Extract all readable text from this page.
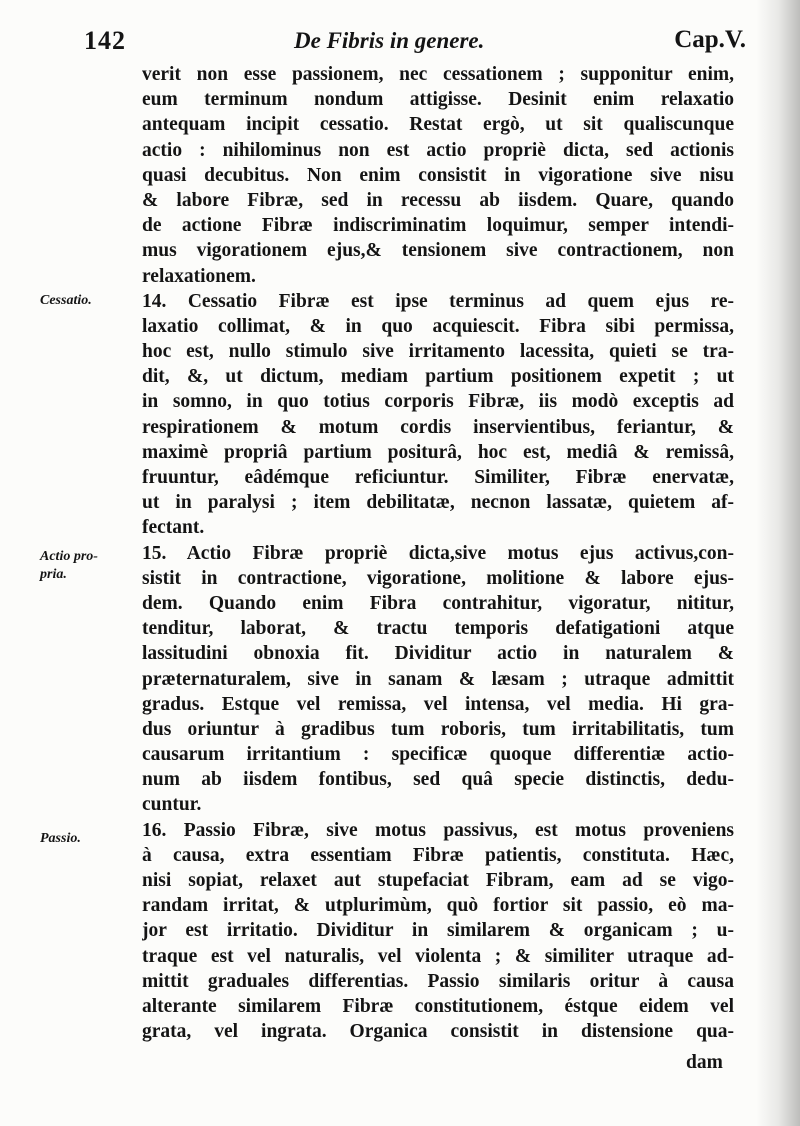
142	De Fibris in genere.	Cap.V.
Cessatio.
Actio pro-
pria.
Passio.
verit non esse passionem, nec cessationem ; supponitur enim,
eum terminum nondum attigisse. Desinit enim relaxatio
antequam incipit cessatio. Restat ergò, ut sit qualiscunque
actio : nihilominus non est actio propriè dicta, sed actionis
quasi decubitus. Non enim consistit in vigoratione sive nisu
& labore Fibræ, sed in recessu ab iisdem. Quare, quando
de actione Fibræ indiscriminatim loquimur, semper intendi-
mus vigorationem ejus,& tensionem sive contractionem, non
relaxationem.
14. Cessatio Fibræ est ipse terminus ad quem ejus re-
laxatio collimat, & in quo acquiescit. Fibra sibi permissa,
hoc est, nullo stimulo sive irritamento lacessita, quieti se tra-
dit, &, ut dictum, mediam partium positionem expetit ; ut
in somno, in quo totius corporis Fibræ, iis modò exceptis ad
respirationem & motum cordis inservientibus, feriantur, &
maximè propriâ partium positurâ, hoc est, mediâ & remissâ,
fruuntur, eâdémque reficiuntur. Similiter, Fibræ enervatæ,
ut in paralysi ; item debilitatæ, necnon lassatæ, quietem af-
fectant.
15. Actio Fibræ propriè dicta,sive motus ejus activus,con-
sistit in contractione, vigoratione, molitione & labore ejus-
dem. Quando enim Fibra contrahitur, vigoratur, nititur,
tenditur, laborat, & tractu temporis defatigationi atque
lassitudini obnoxia fit. Dividitur actio in naturalem &
præternaturalem, sive in sanam & læsam ; utraque admittit
gradus. Estque vel remissa, vel intensa, vel media. Hi gra-
dus oriuntur à gradibus tum roboris, tum irritabilitatis, tum
causarum irritantium : specificæ quoque differentiæ actio-
num ab iisdem fontibus, sed quâ specie distinctis, dedu-
cuntur.
16. Passio Fibræ, sive motus passivus, est motus proveniens
à causa, extra essentiam Fibræ patientis, constituta. Hæc,
nisi sopiat, relaxet aut stupefaciat Fibram, eam ad se vigo-
randam irritat, & utplurimùm, quò fortior sit passio, eò ma-
jor est irritatio. Dividitur in similarem & organicam ; u-
traque est vel naturalis, vel violenta ; & similiter utraque ad-
mittit graduales differentias. Passio similaris oritur à causa
alterante similarem Fibræ constitutionem, éstque eidem vel
grata, vel ingrata. Organica consistit in distensione qua-
dam
